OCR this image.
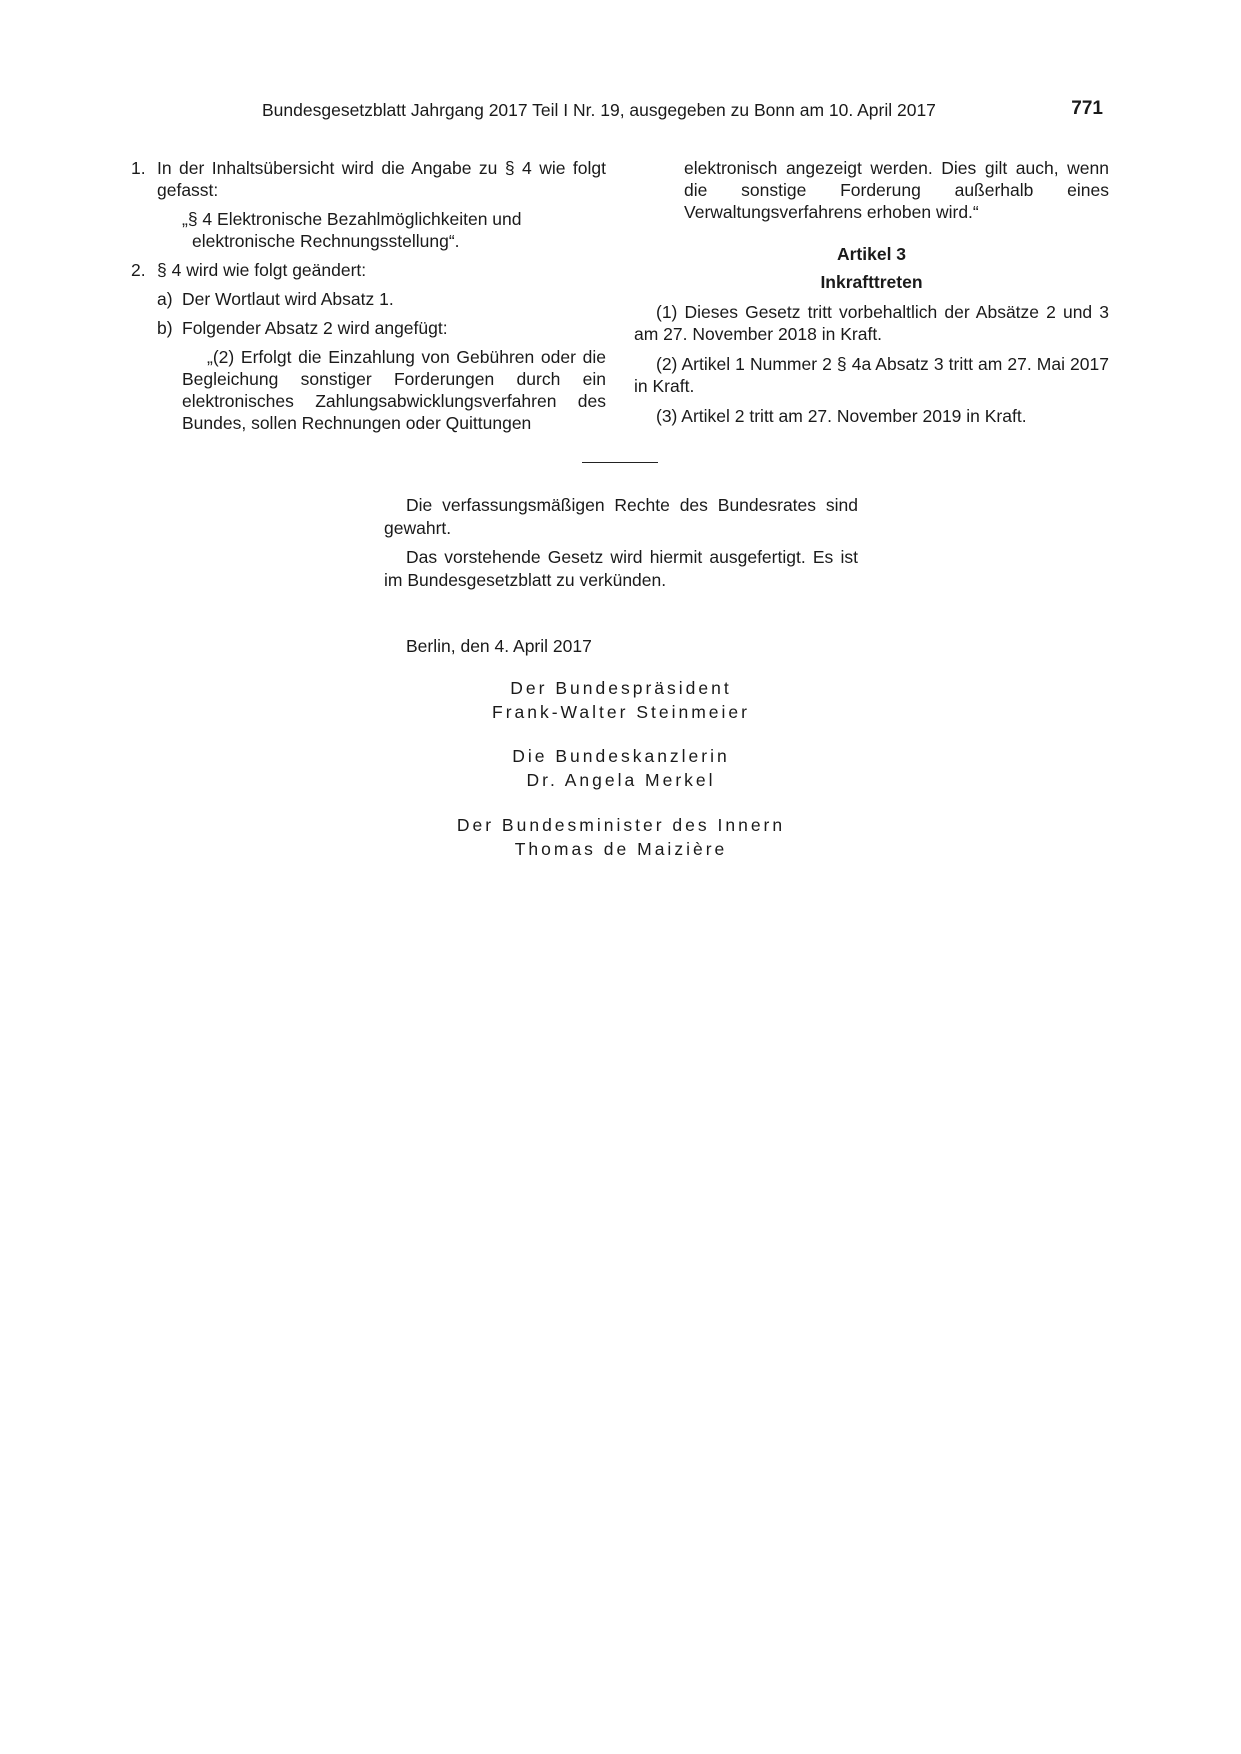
Bundesgesetzblatt Jahrgang 2017 Teil I Nr. 19, ausgegeben zu Bonn am 10. April 2017	771
1. In der Inhaltsübersicht wird die Angabe zu § 4 wie folgt gefasst:
„§ 4 Elektronische Bezahlmöglichkeiten und elektronische Rechnungsstellung“.
2. § 4 wird wie folgt geändert:
a) Der Wortlaut wird Absatz 1.
b) Folgender Absatz 2 wird angefügt:
„(2) Erfolgt die Einzahlung von Gebühren oder die Begleichung sonstiger Forderungen durch ein elektronisches Zahlungsabwicklungsverfahren des Bundes, sollen Rechnungen oder Quittungen
elektronisch angezeigt werden. Dies gilt auch, wenn die sonstige Forderung außerhalb eines Verwaltungsverfahrens erhoben wird.“
Artikel 3
Inkrafttreten
(1) Dieses Gesetz tritt vorbehaltlich der Absätze 2 und 3 am 27. November 2018 in Kraft.
(2) Artikel 1 Nummer 2 § 4a Absatz 3 tritt am 27. Mai 2017 in Kraft.
(3) Artikel 2 tritt am 27. November 2019 in Kraft.

Die verfassungsmäßigen Rechte des Bundesrates sind gewahrt.

Das vorstehende Gesetz wird hiermit ausgefertigt. Es ist im Bundesgesetzblatt zu verkünden.

Berlin, den 4. April 2017
Der Bundespräsident
Frank-Walter Steinmeier
Die Bundeskanzlerin
Dr. Angela Merkel
Der Bundesminister des Innern
Thomas de Maizière
